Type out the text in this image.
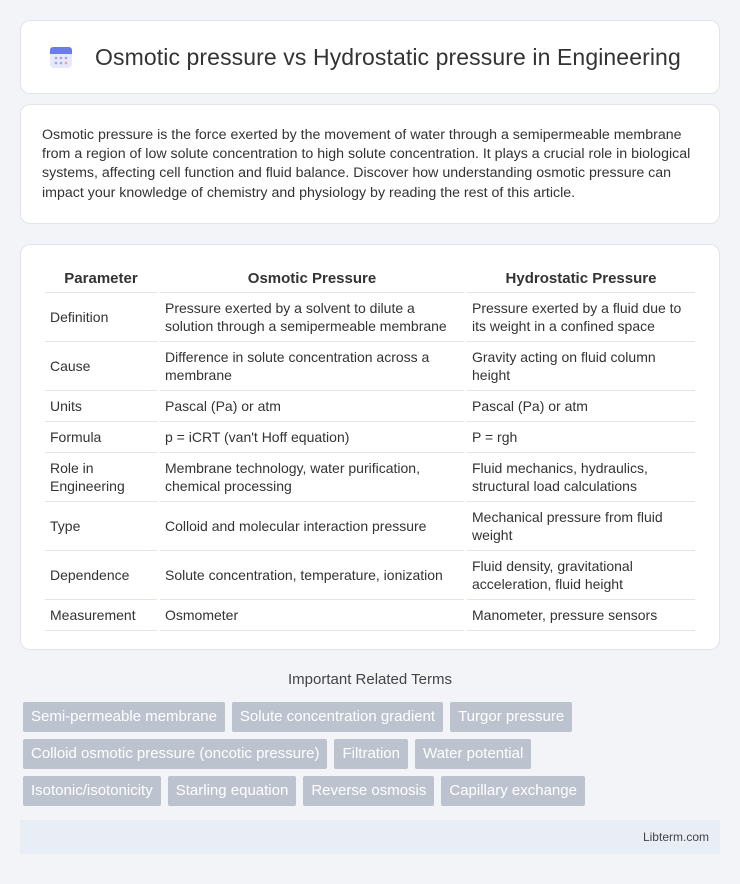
Osmotic pressure vs Hydrostatic pressure in Engineering

Osmotic pressure is the force exerted by the movement of water through a semipermeable membrane from a region of low solute concentration to high solute concentration. It plays a crucial role in biological systems, affecting cell function and fluid balance. Discover how understanding osmotic pressure can impact your knowledge of chemistry and physiology by reading the rest of this article.

Parameter	Osmotic Pressure	Hydrostatic Pressure
Definition	Pressure exerted by a solvent to dilute a solution through a semipermeable membrane	Pressure exerted by a fluid due to its weight in a confined space
Cause	Difference in solute concentration across a membrane	Gravity acting on fluid column height
Units	Pascal (Pa) or atm	Pascal (Pa) or atm
Formula	p = iCRT (van't Hoff equation)	P = rgh
Role in Engineering	Membrane technology, water purification, chemical processing	Fluid mechanics, hydraulics, structural load calculations
Type	Colloid and molecular interaction pressure	Mechanical pressure from fluid weight
Dependence	Solute concentration, temperature, ionization	Fluid density, gravitational acceleration, fluid height
Measurement	Osmometer	Manometer, pressure sensors
Important Related Terms
Semi-permeable membrane	Solute concentration gradient	Turgor pressure
Colloid osmotic pressure (oncotic pressure)	Filtration	Water potential
Isotonic/isotonicity	Starling equation	Reverse osmosis	Capillary exchange
Libterm.com
